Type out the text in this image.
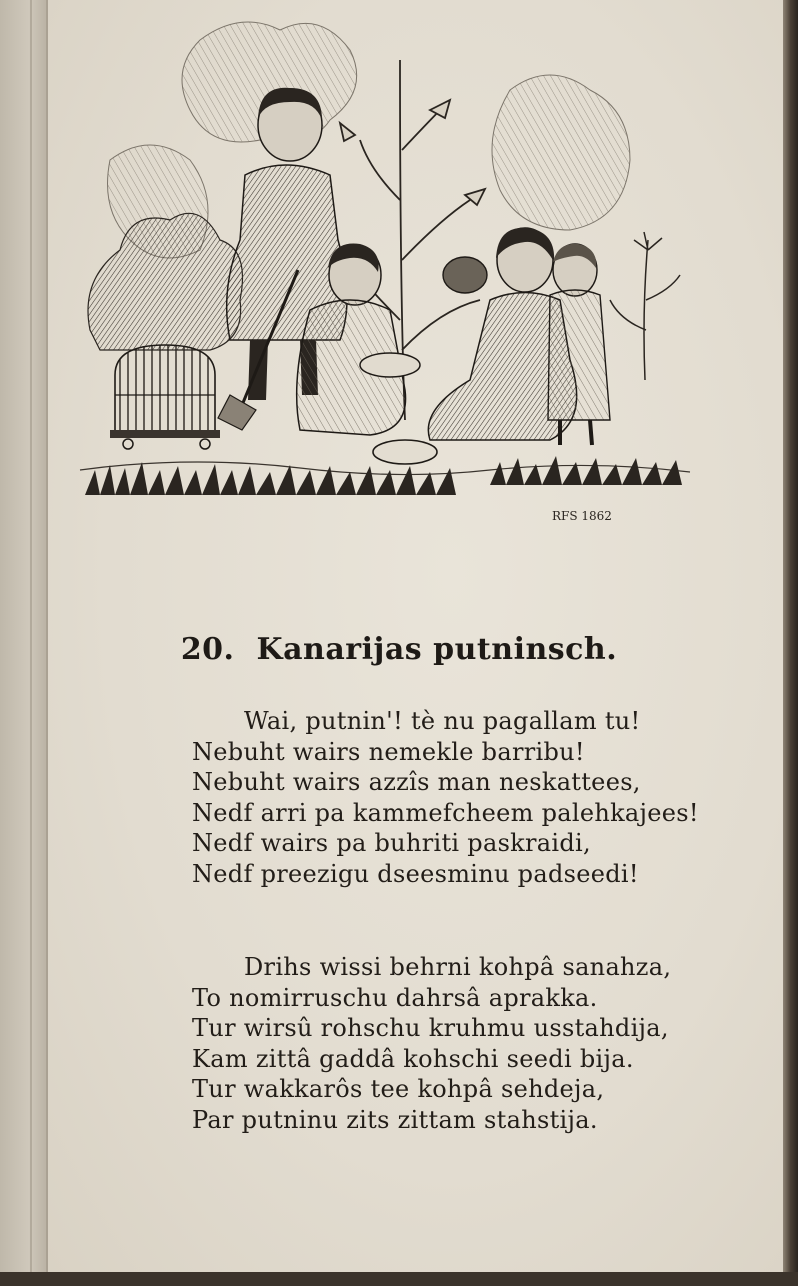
RFS 1862
20. Kanarijas putninsch.
Wai, putnin'! tè nu pagallam tu!
Nebuht wairs nemekle barribu!
Nebuht wairs azzîs man neskattees,
Nedf arri pa kammefcheem palehkajees!
Nedf wairs pa buhriti paskraidi,
Nedf preezigu dseesminu padseedi!
Drihs wissi behrni kohpâ sanahza,
To nomirruschu dahrsâ aprakka.
Tur wirsû rohschu kruhmu usstahdija,
Kam zittâ gaddâ kohschi seedi bija.
Tur wakkarôs tee kohpâ sehdeja,
Par putninu zits zittam stahstija.
